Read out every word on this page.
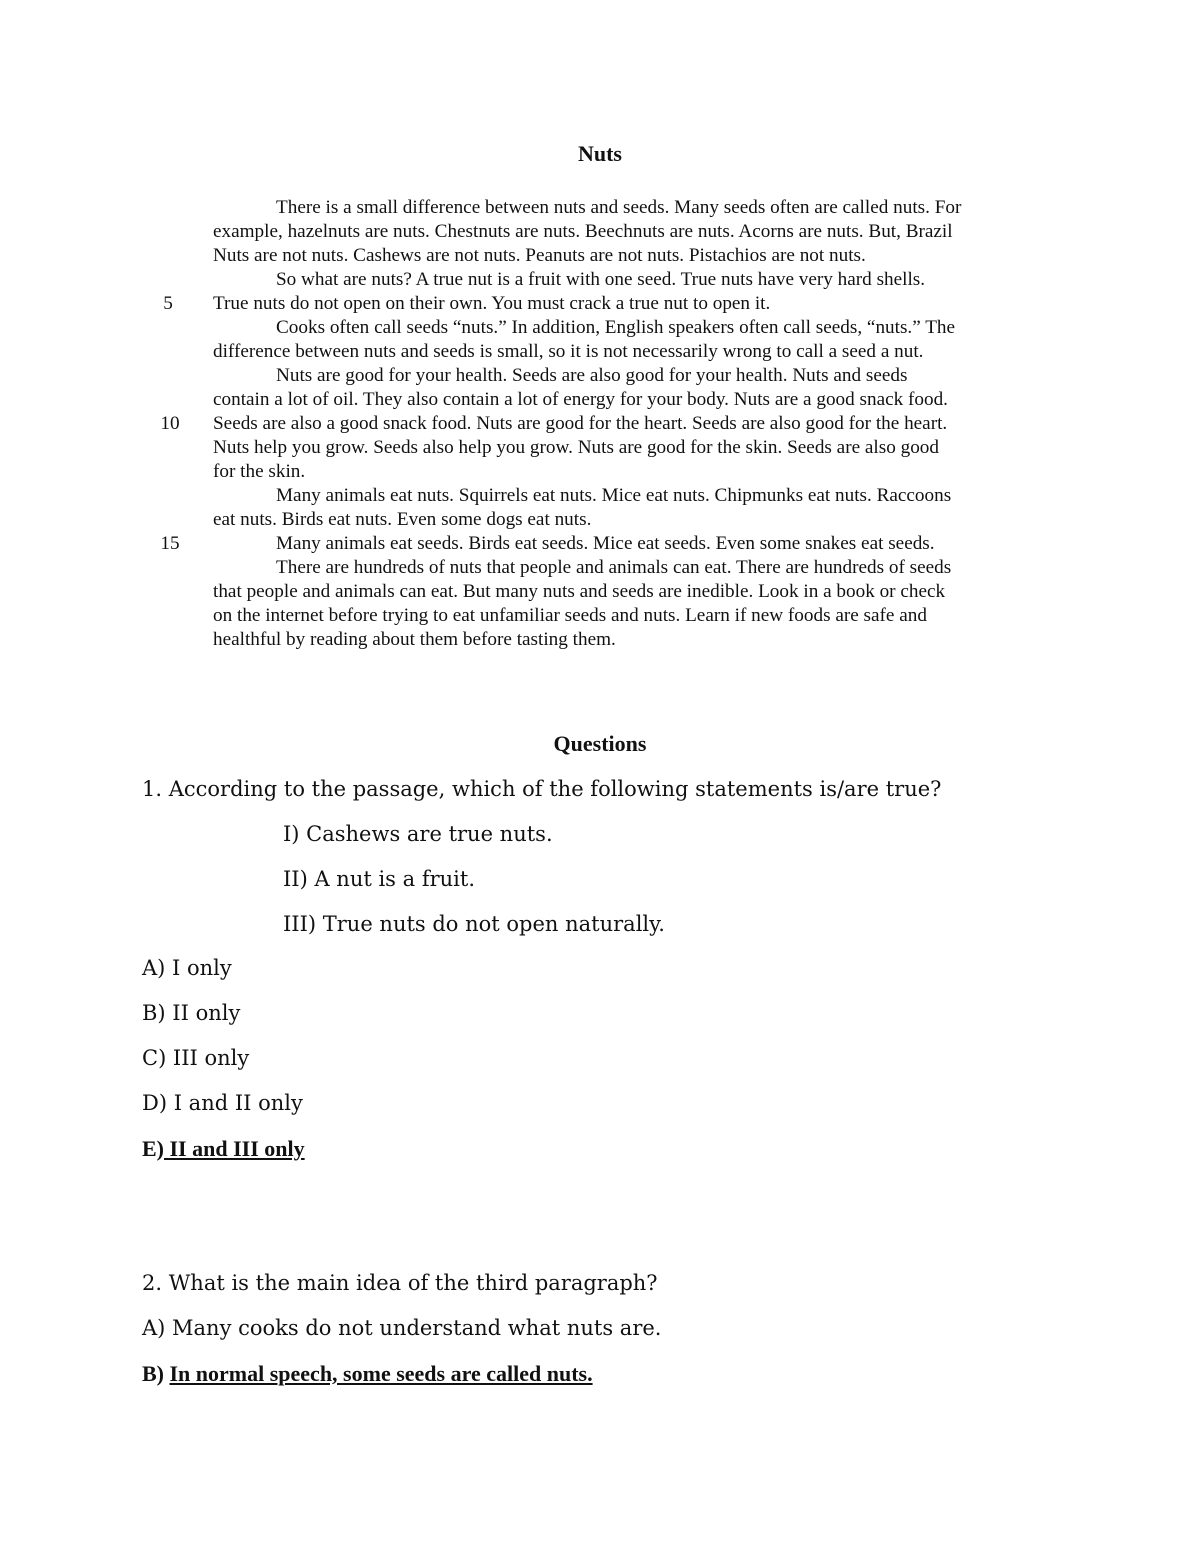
Nuts
There is a small difference between nuts and seeds. Many seeds often are called nuts. For
example, hazelnuts are nuts. Chestnuts are nuts. Beechnuts are nuts. Acorns are nuts. But, Brazil
Nuts are not nuts. Cashews are not nuts. Peanuts are not nuts. Pistachios are not nuts.
So what are nuts? A true nut is a fruit with one seed. True nuts have very hard shells.
5 True nuts do not open on their own. You must crack a true nut to open it.
Cooks often call seeds “nuts.” In addition, English speakers often call seeds, “nuts.” The
difference between nuts and seeds is small, so it is not necessarily wrong to call a seed a nut.
Nuts are good for your health. Seeds are also good for your health. Nuts and seeds
contain a lot of oil. They also contain a lot of energy for your body. Nuts are a good snack food.
10 Seeds are also a good snack food. Nuts are good for the heart. Seeds are also good for the heart.
Nuts help you grow. Seeds also help you grow. Nuts are good for the skin. Seeds are also good
for the skin.
Many animals eat nuts. Squirrels eat nuts. Mice eat nuts. Chipmunks eat nuts. Raccoons
eat nuts. Birds eat nuts. Even some dogs eat nuts.
15	Many animals eat seeds. Birds eat seeds. Mice eat seeds. Even some snakes eat seeds.
There are hundreds of nuts that people and animals can eat. There are hundreds of seeds
that people and animals can eat. But many nuts and seeds are inedible. Look in a book or check
on the internet before trying to eat unfamiliar seeds and nuts. Learn if new foods are safe and
healthful by reading about them before tasting them.
Questions
1. According to the passage, which of the following statements is/are true?
I) Cashews are true nuts.
II) A nut is a fruit.
III) True nuts do not open naturally.
A) I only
B) II only
C) III only
D) I and II only
E) II and III only
2. What is the main idea of the third paragraph?
A) Many cooks do not understand what nuts are.
B) In normal speech, some seeds are called nuts.
